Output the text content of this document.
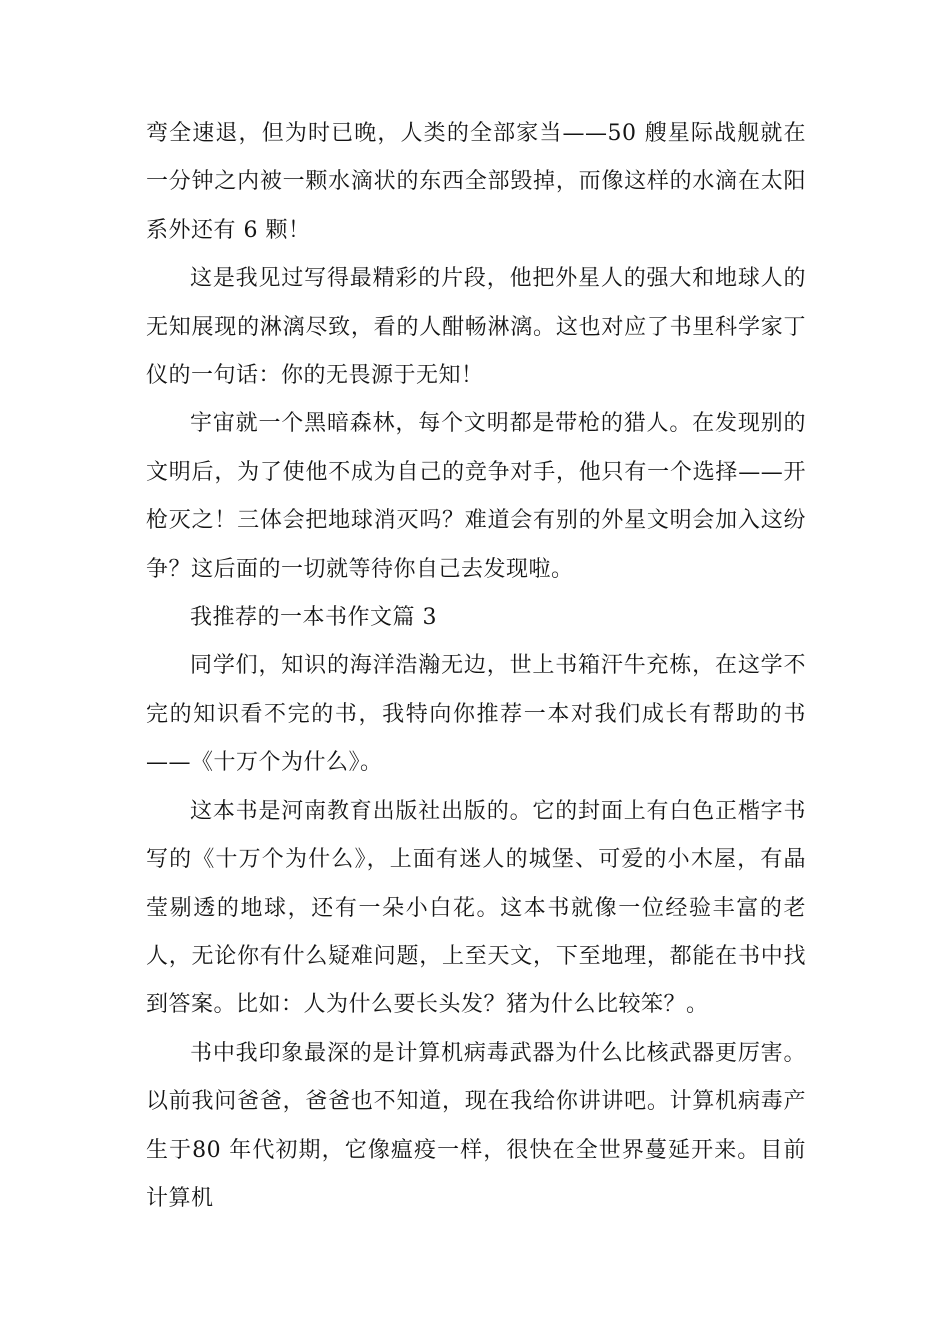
弯全速退，但为时已晚，人类的全部家当——50 艘星际战舰就在一分钟之内被一颗水滴状的东西全部毁掉，而像这样的水滴在太阳系外还有 6 颗！

这是我见过写得最精彩的片段，他把外星人的强大和地球人的无知展现的淋漓尽致，看的人酣畅淋漓。这也对应了书里科学家丁仪的一句话：你的无畏源于无知！

宇宙就一个黑暗森林，每个文明都是带枪的猎人。在发现别的文明后，为了使他不成为自己的竞争对手，他只有一个选择——开枪灭之！三体会把地球消灭吗？难道会有别的外星文明会加入这纷争？这后面的一切就等待你自己去发现啦。

我推荐的一本书作文篇 3

同学们，知识的海洋浩瀚无边，世上书箱汗牛充栋，在这学不完的知识看不完的书，我特向你推荐一本对我们成长有帮助的书——《十万个为什么》。

这本书是河南教育出版社出版的。它的封面上有白色正楷字书写的《十万个为什么》，上面有迷人的城堡、可爱的小木屋，有晶莹剔透的地球，还有一朵小白花。这本书就像一位经验丰富的老人，无论你有什么疑难问题，上至天文，下至地理，都能在书中找到答案。比如：人为什么要长头发？猪为什么比较笨？。

书中我印象最深的是计算机病毒武器为什么比核武器更厉害。以前我问爸爸，爸爸也不知道，现在我给你讲讲吧。计算机病毒产生于80 年代初期，它像瘟疫一样，很快在全世界蔓延开来。目前计算机
